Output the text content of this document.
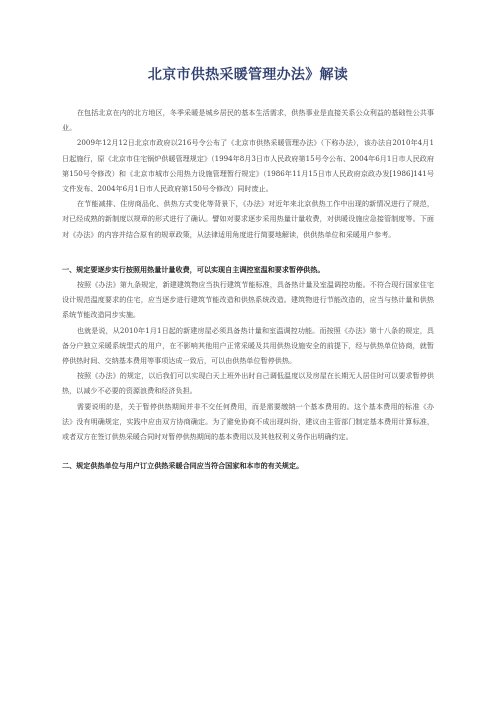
北京市供热采暖管理办法》解读

在包括北京在内的北方地区，冬季采暖是城乡居民的基本生活需求，供热事业是直接关系公众利益的基础性公共事业。

2009年12月12日北京市政府以216号令公布了《北京市供热采暖管理办法》（下称办法），该办法自2010年4月1日起施行，原《北京市住宅锅炉供暖管理规定》（1994年8月3日市人民政府第15号令公布、2004年6月1日市人民政府第150号令修改）和《北京市城市公用热力设施管理暂行规定》（1986年11月15日市人民政府京政办发[1986]141号文件发布、2004年6月1日市人民政府第150号令修改）同时废止。

在节能减排、住房商品化、供热方式变化等背景下，《办法》对近年来北京供热工作中出现的新情况进行了规范，对已经成熟的新制度以规章的形式进行了确认。譬如对要求逐步采用热量计量收费，对供暖设施应急接管制度等。下面对《办法》的内容并结合原有的规章政策，从法律适用角度进行简要地解读，供供热单位和采暖用户参考。

一、规定要逐步实行按照用热量计量收费，可以实现自主调控室温和要求暂停供热。

按照《办法》第九条规定，新建建筑物应当执行建筑节能标准，具备热计量及室温调控功能。不符合现行国家住宅设计规范温度要求的住宅，应当逐步进行建筑节能改造和供热系统改造。建筑物进行节能改造的，应当与热计量和供热系统节能改造同步实施。

也就是说，从2010年1月1日起的新建房屋必须具备热计量和室温调控功能。而按照《办法》第十八条的规定，具备分户独立采暖系统型式的用户，在不影响其他用户正常采暖及共用供热设施安全的前提下，经与供热单位协商，就暂停供热时间、交纳基本费用等事项达成一致后，可以由供热单位暂停供热。

按照《办法》的规定，以后我们可以实现白天上班外出时自己调低温度以及房屋在长期无人居住时可以要求暂停供热，以减少不必要的资源浪费和经济负担。

需要说明的是，关于暂停供热期间并非不交任何费用，而是需要缴纳一个基本费用的。这个基本费用的标准《办法》没有明确规定，实践中应由双方协商确定。为了避免协商不成出现纠纷，建议由主管部门制定基本费用计算标准，或者双方在签订供热采暖合同时对暂停供热期间的基本费用以及其他权利义务作出明确约定。

二、规定供热单位与用户订立供热采暖合同应当符合国家和本市的有关规定。
